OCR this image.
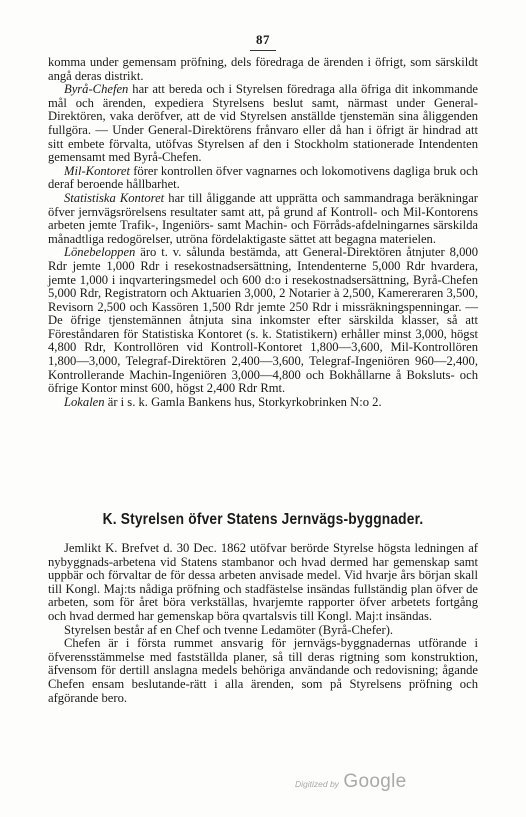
87

komma under gemensam pröfning, dels föredraga de ärenden i öfrigt, som särskildt angå deras distrikt.

Byrå-Chefen har att bereda och i Styrelsen föredraga alla öfriga dit inkommande mål och ärenden, expediera Styrelsens beslut samt, närmast under General-Direktören, vaka deröfver, att de vid Styrelsen anställde tjenstemän sina åliggenden fullgöra. — Under General-Direktörens frånvaro eller då han i öfrigt är hindrad att sitt embete förvalta, utöfvas Styrelsen af den i Stockholm stationerade Intendenten gemensamt med Byrå-Chefen.

Mil-Kontoret förer kontrollen öfver vagnarnes och lokomotivens dagliga bruk och deraf beroende hållbarhet.

Statistiska Kontoret har till åliggande att upprätta och sammandraga beräkningar öfver jernvägsrörelsens resultater samt att, på grund af Kontroll- och Mil-Kontorens arbeten jemte Trafik-, Ingeniörs- samt Machin- och Förråds-afdelningarnes särskilda månadtliga redogörelser, utröna fördelaktigaste sättet att begagna materielen.

Lönebeloppen äro t. v. sålunda bestämda, att General-Direktören åtnjuter 8,000 Rdr jemte 1,000 Rdr i resekostnadsersättning, Intendenterne 5,000 Rdr hvardera, jemte 1,000 i inqvarteringsmedel och 600 d:o i resekostnadsersättning, Byrå-Chefen 5,000 Rdr, Registratorn och Aktuarien 3,000, 2 Notarier à 2,500, Kamereraren 3,500, Revisorn 2,500 och Kassören 1,500 Rdr jemte 250 Rdr i missräkningspenningar. — De öfrige tjenstemännen åtnjuta sina inkomster efter särskilda klasser, så att Föreståndaren för Statistiska Kontoret (s. k. Statistikern) erhåller minst 3,000, högst 4,800 Rdr, Kontrollören vid Kontroll-Kontoret 1,800—3,600, Mil-Kontrollören 1,800—3,000, Telegraf-Direktören 2,400—3,600, Telegraf-Ingeniören 960—2,400, Kontrollerande Machin-Ingeniören 3,000—4,800 och Bokhållarne å Boksluts- och öfrige Kontor minst 600, högst 2,400 Rdr Rmt.

Lokalen är i s. k. Gamla Bankens hus, Storkyrkobrinken N:o 2.

K. Styrelsen öfver Statens Jernvägs-byggnader.

Jemlikt K. Brefvet d. 30 Dec. 1862 utöfvar berörde Styrelse högsta ledningen af nybyggnads-arbetena vid Statens stambanor och hvad dermed har gemenskap samt uppbär och förvaltar de för dessa arbeten anvisade medel. Vid hvarje års början skall till Kongl. Maj:ts nådiga pröfning och stadfästelse insändas fullständig plan öfver de arbeten, som för året böra verkställas, hvarjemte rapporter öfver arbetets fortgång och hvad dermed har gemenskap böra qvartalsvis till Kongl. Maj:t insändas.

Styrelsen består af en Chef och tvenne Ledamöter (Byrå-Chefer).

Chefen är i första rummet ansvarig för jernvägs-byggnadernas utförande i öfverensstämmelse med fastställda planer, så till deras rigtning som konstruktion, äfvensom för dertill anslagna medels behöriga användande och redovisning; ågande Chefen ensam beslutande-rätt i alla ärenden, som på Styrelsens pröfning och afgörande bero.

Digitized by Google
